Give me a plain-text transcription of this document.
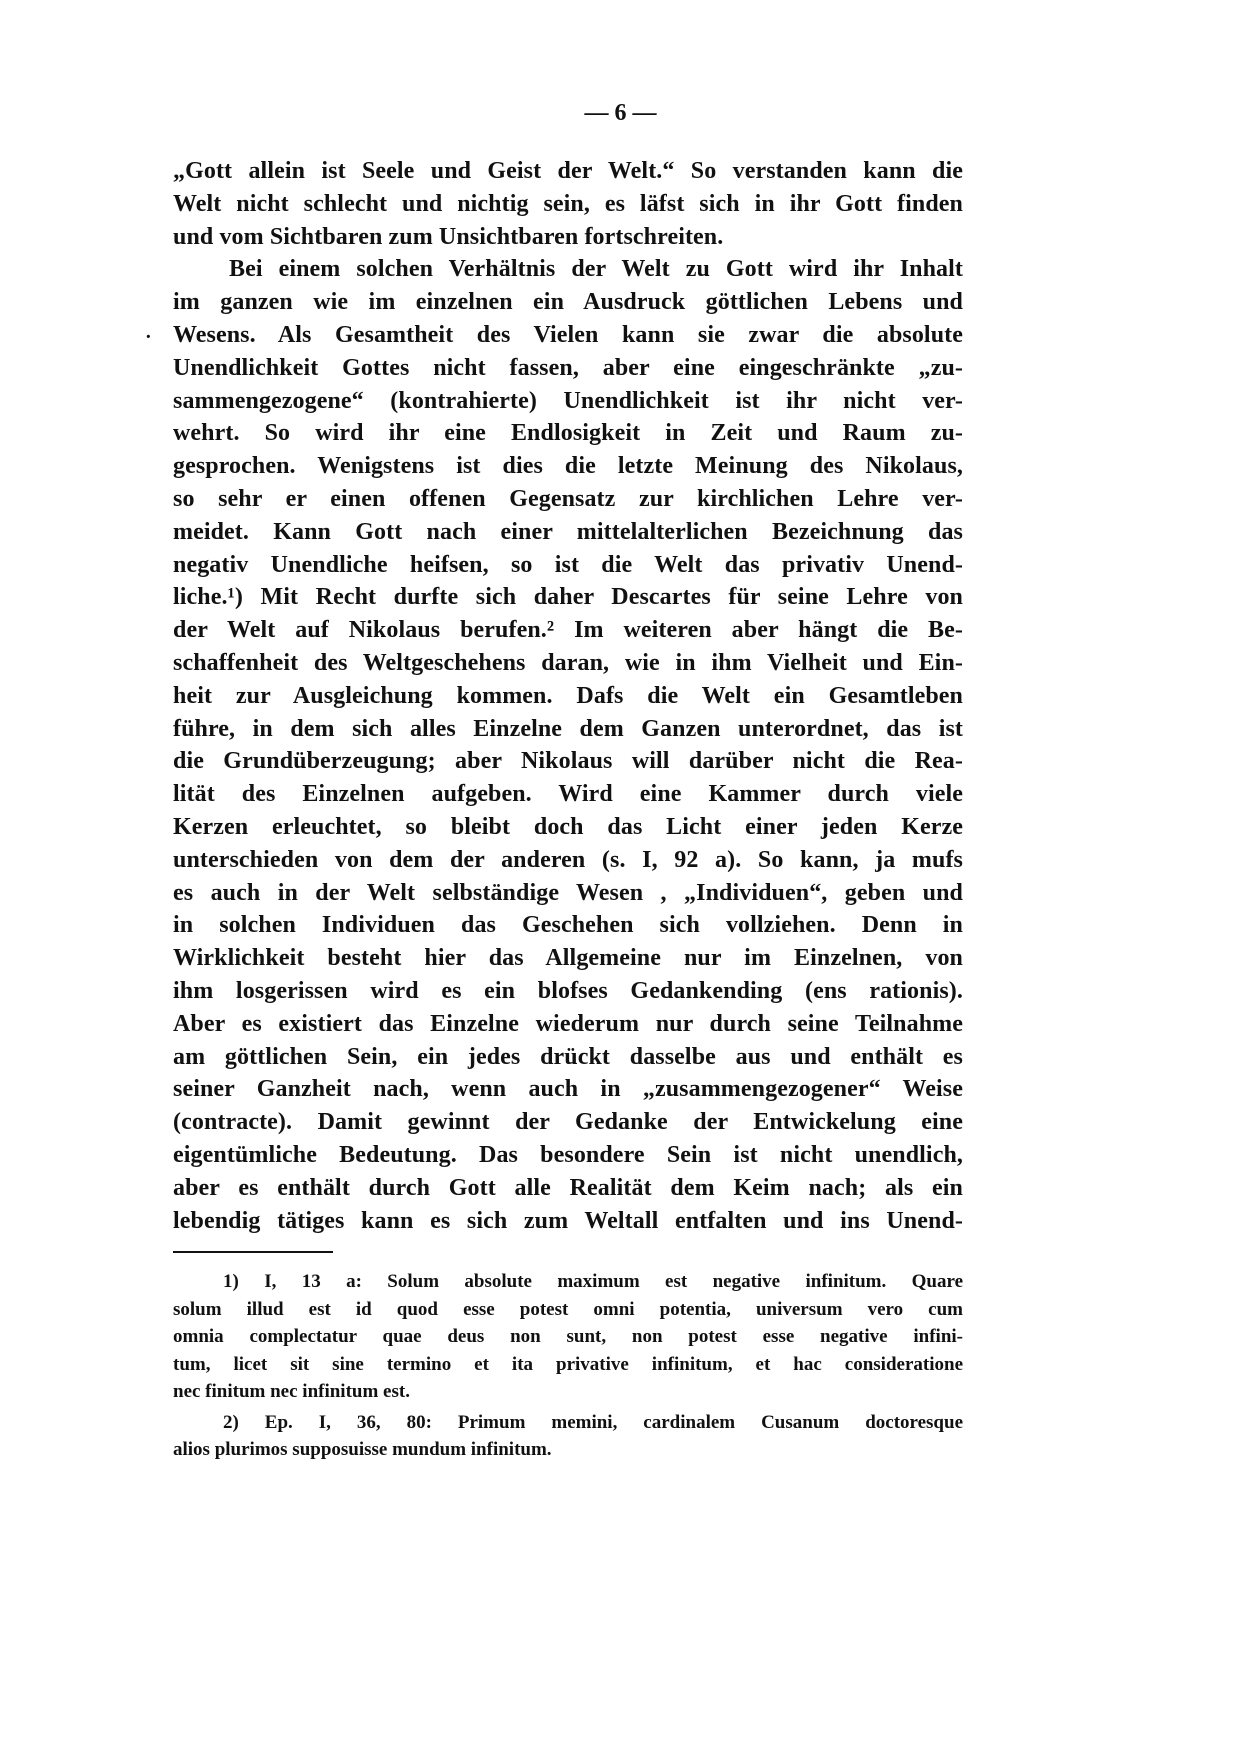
— 6 —
·
„Gott allein ist Seele und Geist der Welt.“ So verstanden kann die
Welt nicht schlecht und nichtig sein, es läfst sich in ihr Gott finden
und vom Sichtbaren zum Unsichtbaren fortschreiten.
Bei einem solchen Verhältnis der Welt zu Gott wird ihr Inhalt
im ganzen wie im einzelnen ein Ausdruck göttlichen Lebens und
Wesens. Als Gesamtheit des Vielen kann sie zwar die absolute
Unendlichkeit Gottes nicht fassen, aber eine eingeschränkte „zu-
sammengezogene“ (kontrahierte) Unendlichkeit ist ihr nicht ver-
wehrt. So wird ihr eine Endlosigkeit in Zeit und Raum zu-
gesprochen. Wenigstens ist dies die letzte Meinung des Nikolaus,
so sehr er einen offenen Gegensatz zur kirchlichen Lehre ver-
meidet. Kann Gott nach einer mittelalterlichen Bezeichnung das
negativ Unendliche heifsen, so ist die Welt das privativ Unend-
liche.¹) Mit Recht durfte sich daher Descartes für seine Lehre von
der Welt auf Nikolaus berufen.² Im weiteren aber hängt die Be-
schaffenheit des Weltgeschehens daran, wie in ihm Vielheit und Ein-
heit zur Ausgleichung kommen. Dafs die Welt ein Gesamtleben
führe, in dem sich alles Einzelne dem Ganzen unterordnet, das ist
die Grundüberzeugung; aber Nikolaus will darüber nicht die Rea-
lität des Einzelnen aufgeben. Wird eine Kammer durch viele
Kerzen erleuchtet, so bleibt doch das Licht einer jeden Kerze
unterschieden von dem der anderen (s. I, 92 a). So kann, ja mufs
es auch in der Welt selbständige Wesen , „Individuen“, geben und
in solchen Individuen das Geschehen sich vollziehen. Denn in
Wirklichkeit besteht hier das Allgemeine nur im Einzelnen, von
ihm losgerissen wird es ein blofses Gedankending (ens rationis).
Aber es existiert das Einzelne wiederum nur durch seine Teilnahme
am göttlichen Sein, ein jedes drückt dasselbe aus und enthält es
seiner Ganzheit nach, wenn auch in „zusammengezogener“ Weise
(contracte). Damit gewinnt der Gedanke der Entwickelung eine
eigentümliche Bedeutung. Das besondere Sein ist nicht unendlich,
aber es enthält durch Gott alle Realität dem Keim nach; als ein
lebendig tätiges kann es sich zum Weltall entfalten und ins Unend-
1) I, 13 a: Solum absolute maximum est negative infinitum. Quare
solum illud est id quod esse potest omni potentia, universum vero cum
omnia complectatur quae deus non sunt, non potest esse negative infini-
tum, licet sit sine termino et ita privative infinitum, et hac consideratione
nec finitum nec infinitum est.
2) Ep. I, 36, 80: Primum memini, cardinalem Cusanum doctoresque
alios plurimos supposuisse mundum infinitum.
